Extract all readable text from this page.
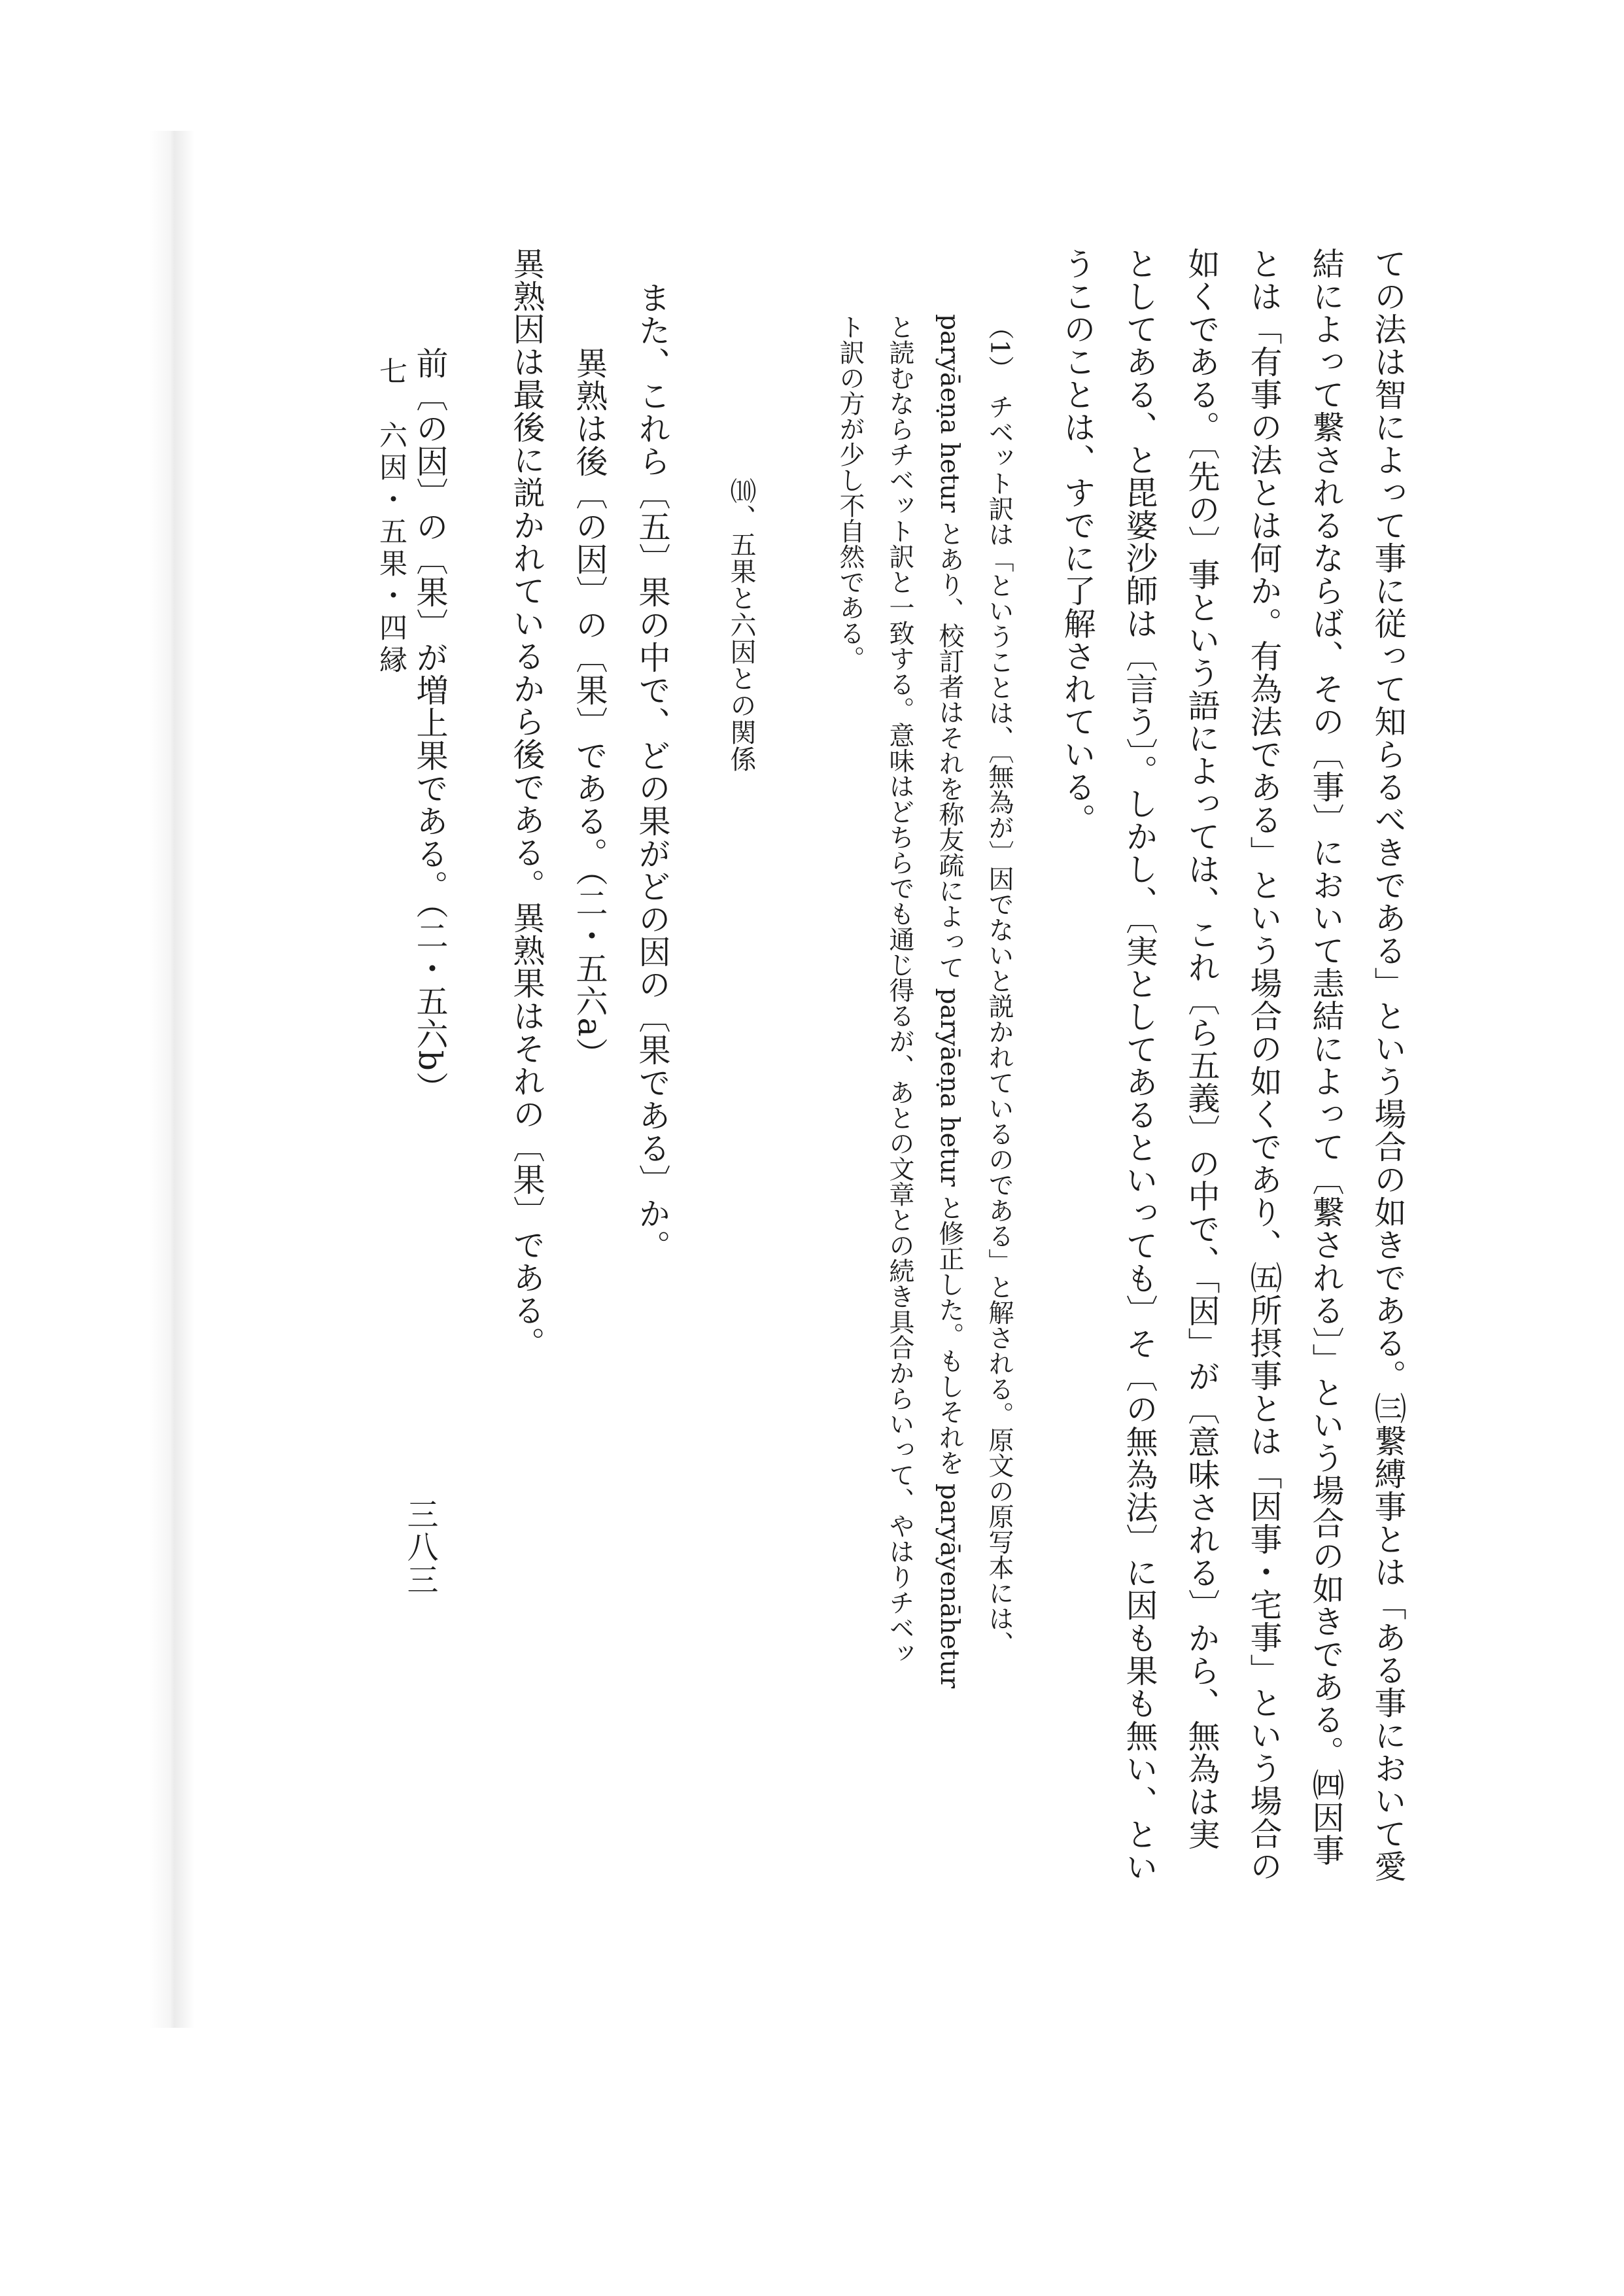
ての法は智によって事に従って知らるべきである」という場合の如きである。㈢繋縛事とは「ある事において愛
結によって繋されるならば、その〔事〕において恚結によって〔繋される〕」という場合の如きである。㈣因事
とは「有事の法とは何か。有為法である」という場合の如くであり、㈤所摂事とは「因事・宅事」という場合の
如くである。〔先の〕事という語によっては、これ〔ら五義〕の中で、「因」が〔意味される〕から、無為は実
としてある、と毘婆沙師は〔言う〕。しかし、〔実としてあるといっても〕そ〔の無為法〕に因も果も無い、とい
うこのことは、すでに了解されている。
（1）　チベット訳は「ということは、〔無為が〕因でないと説かれているのである」と解される。原文の原写本には、
paryāeṇa hetur とあり、校訂者はそれを称友疏によって paryāeṇa hetur と修正した。もしそれを paryāyenāhetur
と読むならチベット訳と一致する。意味はどちらでも通じ得るが、あとの文章との続き具合からいって、やはりチベッ
ト訳の方が少し不自然である。
⑽、五果と六因との関係
また、これら〔五〕果の中で、どの果がどの因の〔果である〕か。
異熟は後〔の因〕の〔果〕である。（二・五六a）
異熟因は最後に説かれているから後である。異熟果はそれの〔果〕である。
前〔の因〕の〔果〕が増上果である。（二・五六b）
七　六因・五果・四縁
三八三
